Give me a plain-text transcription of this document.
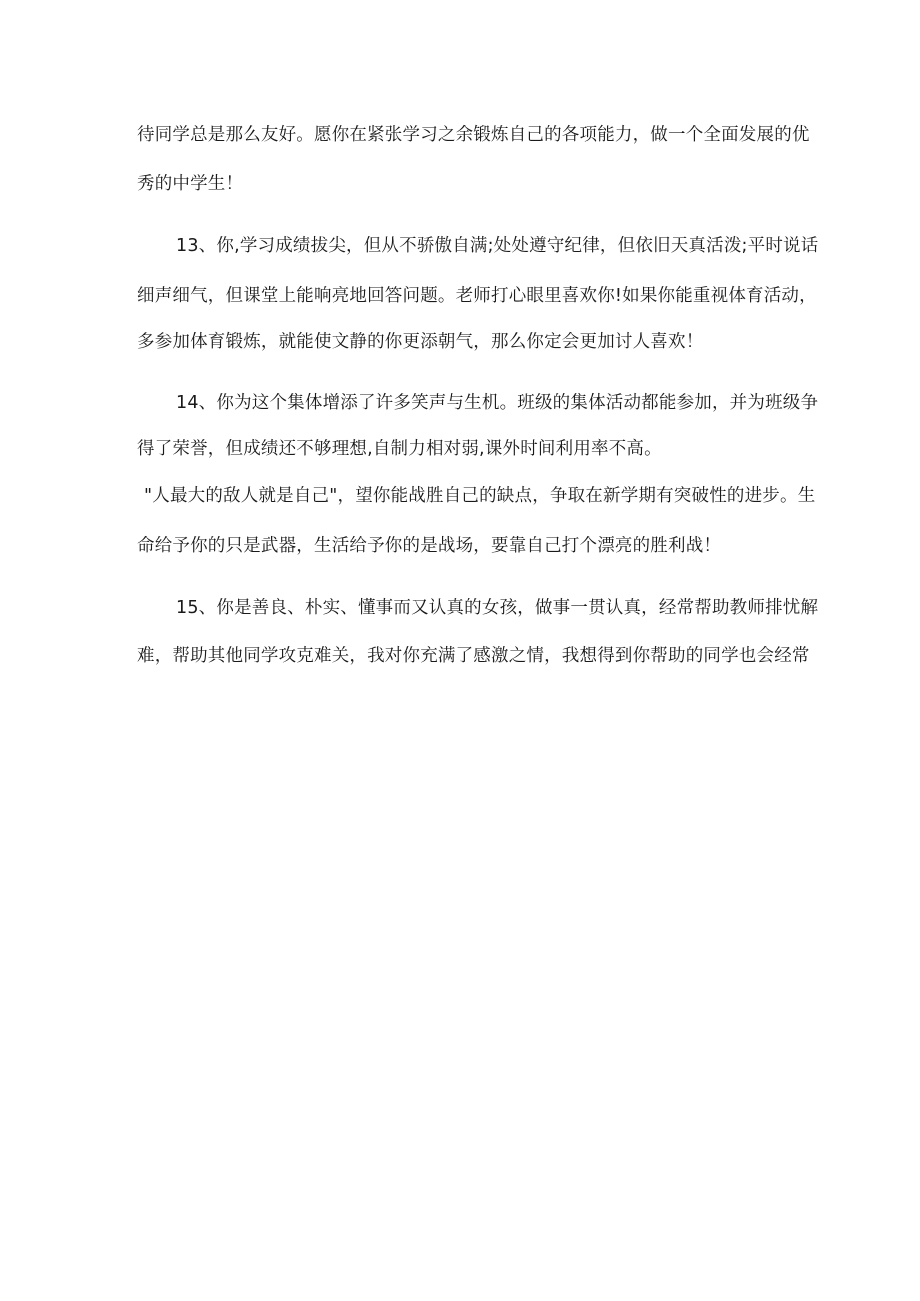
待同学总是那么友好。愿你在紧张学习之余锻炼自己的各项能力，做一个全面发展的优
秀的中学生！
13、你,学习成绩拔尖，但从不骄傲自满;处处遵守纪律，但依旧天真活泼;平时说话
细声细气，但课堂上能响亮地回答问题。老师打心眼里喜欢你!如果你能重视体育活动，
多参加体育锻炼，就能使文静的你更添朝气，那么你定会更加讨人喜欢！
14、你为这个集体增添了许多笑声与生机。班级的集体活动都能参加，并为班级争
得了荣誉，但成绩还不够理想,自制力相对弱,课外时间利用率不高。
"人最大的敌人就是自己"，望你能战胜自己的缺点，争取在新学期有突破性的进步。生
命给予你的只是武器，生活给予你的是战场，要靠自己打个漂亮的胜利战！
15、你是善良、朴实、懂事而又认真的女孩，做事一贯认真，经常帮助教师排忧解
难，帮助其他同学攻克难关，我对你充满了感激之情，我想得到你帮助的同学也会经常
